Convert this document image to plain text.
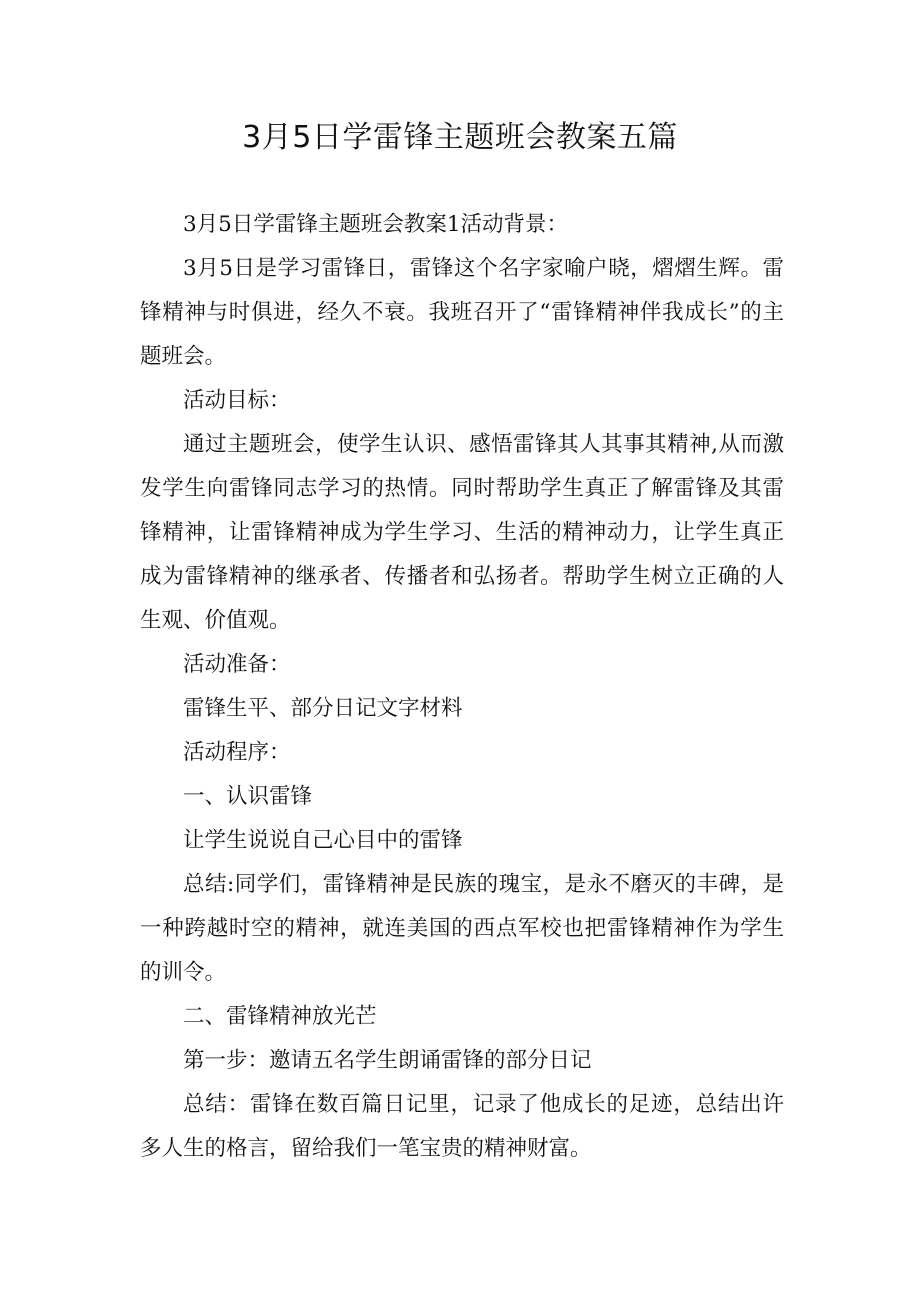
3月5日学雷锋主题班会教案五篇

3月5日学雷锋主题班会教案1活动背景：

3月5日是学习雷锋日，雷锋这个名字家喻户晓，熠熠生辉。雷锋精神与时俱进，经久不衰。我班召开了“雷锋精神伴我成长”的主题班会。

活动目标：

通过主题班会，使学生认识、感悟雷锋其人其事其精神,从而激发学生向雷锋同志学习的热情。同时帮助学生真正了解雷锋及其雷锋精神，让雷锋精神成为学生学习、生活的精神动力，让学生真正成为雷锋精神的继承者、传播者和弘扬者。帮助学生树立正确的人生观、价值观。

活动准备：

雷锋生平、部分日记文字材料

活动程序：

一、认识雷锋

让学生说说自己心目中的雷锋

总结:同学们，雷锋精神是民族的瑰宝，是永不磨灭的丰碑，是一种跨越时空的精神，就连美国的西点军校也把雷锋精神作为学生的训令。

二、雷锋精神放光芒

第一步：邀请五名学生朗诵雷锋的部分日记

总结：雷锋在数百篇日记里，记录了他成长的足迹，总结出许多人生的格言，留给我们一笔宝贵的精神财富。
